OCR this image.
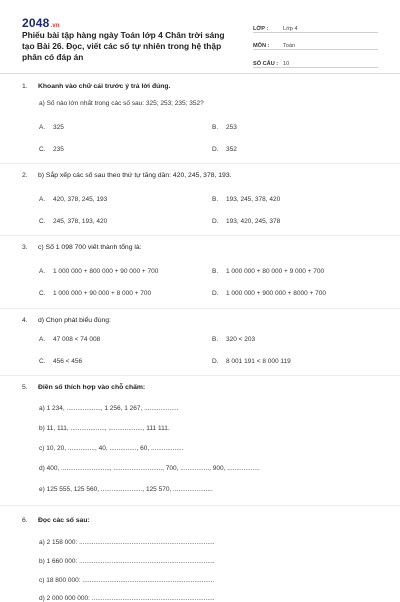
2048.vn
Phiếu bài tập hàng ngày Toán lớp 4 Chân trời sáng tạo Bài 26. Đọc, viết các số tự nhiên trong hệ thập phân có đáp án
LỚP :	Lớp 4
MÔN :	Toán
SỐ CÂU : 10
1.	Khoanh vào chữ cái trước ý trả lời đúng.
a) Số nào lớn nhất trong các số sau: 325; 253; 235; 352?
A. 325	B. 253
C. 235	D. 352
2.	b) Sắp xếp các số sau theo thứ tự tăng dần: 420, 245, 378, 193.
A. 420, 378, 245, 193	B. 193, 245, 378, 420
C. 245, 378, 193, 420	D. 193, 420, 245, 378
3.	c) Số 1 098 700 viết thành tổng là:
A. 1 000 000 + 800 000 + 90 000 + 700	B. 1 000 000 + 80 000 + 9 000 + 700
C. 1 000 000 + 90 000 + 8 000 + 700	D. 1 000 000 + 900 000 + 8000 + 700
4.	d) Chọn phát biểu đúng:
A. 47 008 < 74 008	B. 320 < 203
C. 456 < 456	D. 8 001 191 < 8 000 119
5.	Điền số thích hợp vào chỗ chấm:
a) 1 234, ..................., 1 256, 1 267, ...................
b) 11, 111, ..................., ..................., 111 111.
c) 10, 20, ..............., 40, ..............., 60, ..................
d) 400, ..........................., ..........................., 700, ................, 900, ..................
e) 125 555, 125 560, ......................., 125 570, ......................
6.	Đọc các số sau:
a) 2 158 000: ...........................................................................
b) 1 660 000: ...........................................................................
c) 18 800 000: .........................................................................
d) 2 000 000 000: ....................................................................
